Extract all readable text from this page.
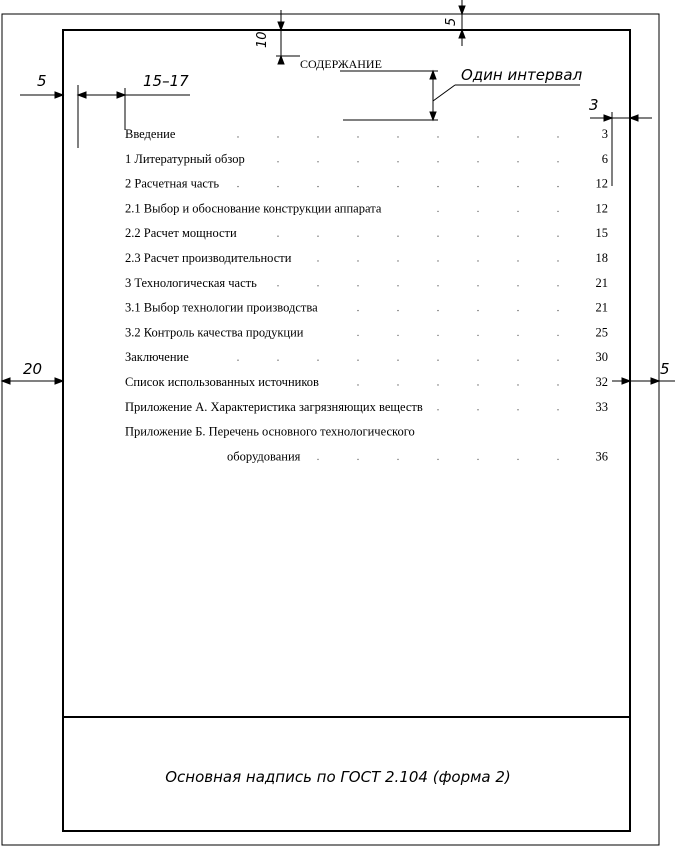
СОДЕРЖАНИЕ
Введение	3
1 Литературный обзор	6
2 Расчетная часть	12
2.1 Выбор и обоснование конструкции аппарата	12
2.2 Расчет мощности	15
2.3 Расчет производительности	18
3 Технологическая часть	21
3.1 Выбор технологии производства	21
3.2 Контроль качества продукции	25
Заключение	30
Список использованных источников	32
Приложение А. Характеристика загрязняющих веществ	33
Приложение Б. Перечень основного технологического
оборудования	36
Основная надпись по ГОСТ 2.104 (форма 2)
10
5
5	15–17	Один интервал
3
20	5
